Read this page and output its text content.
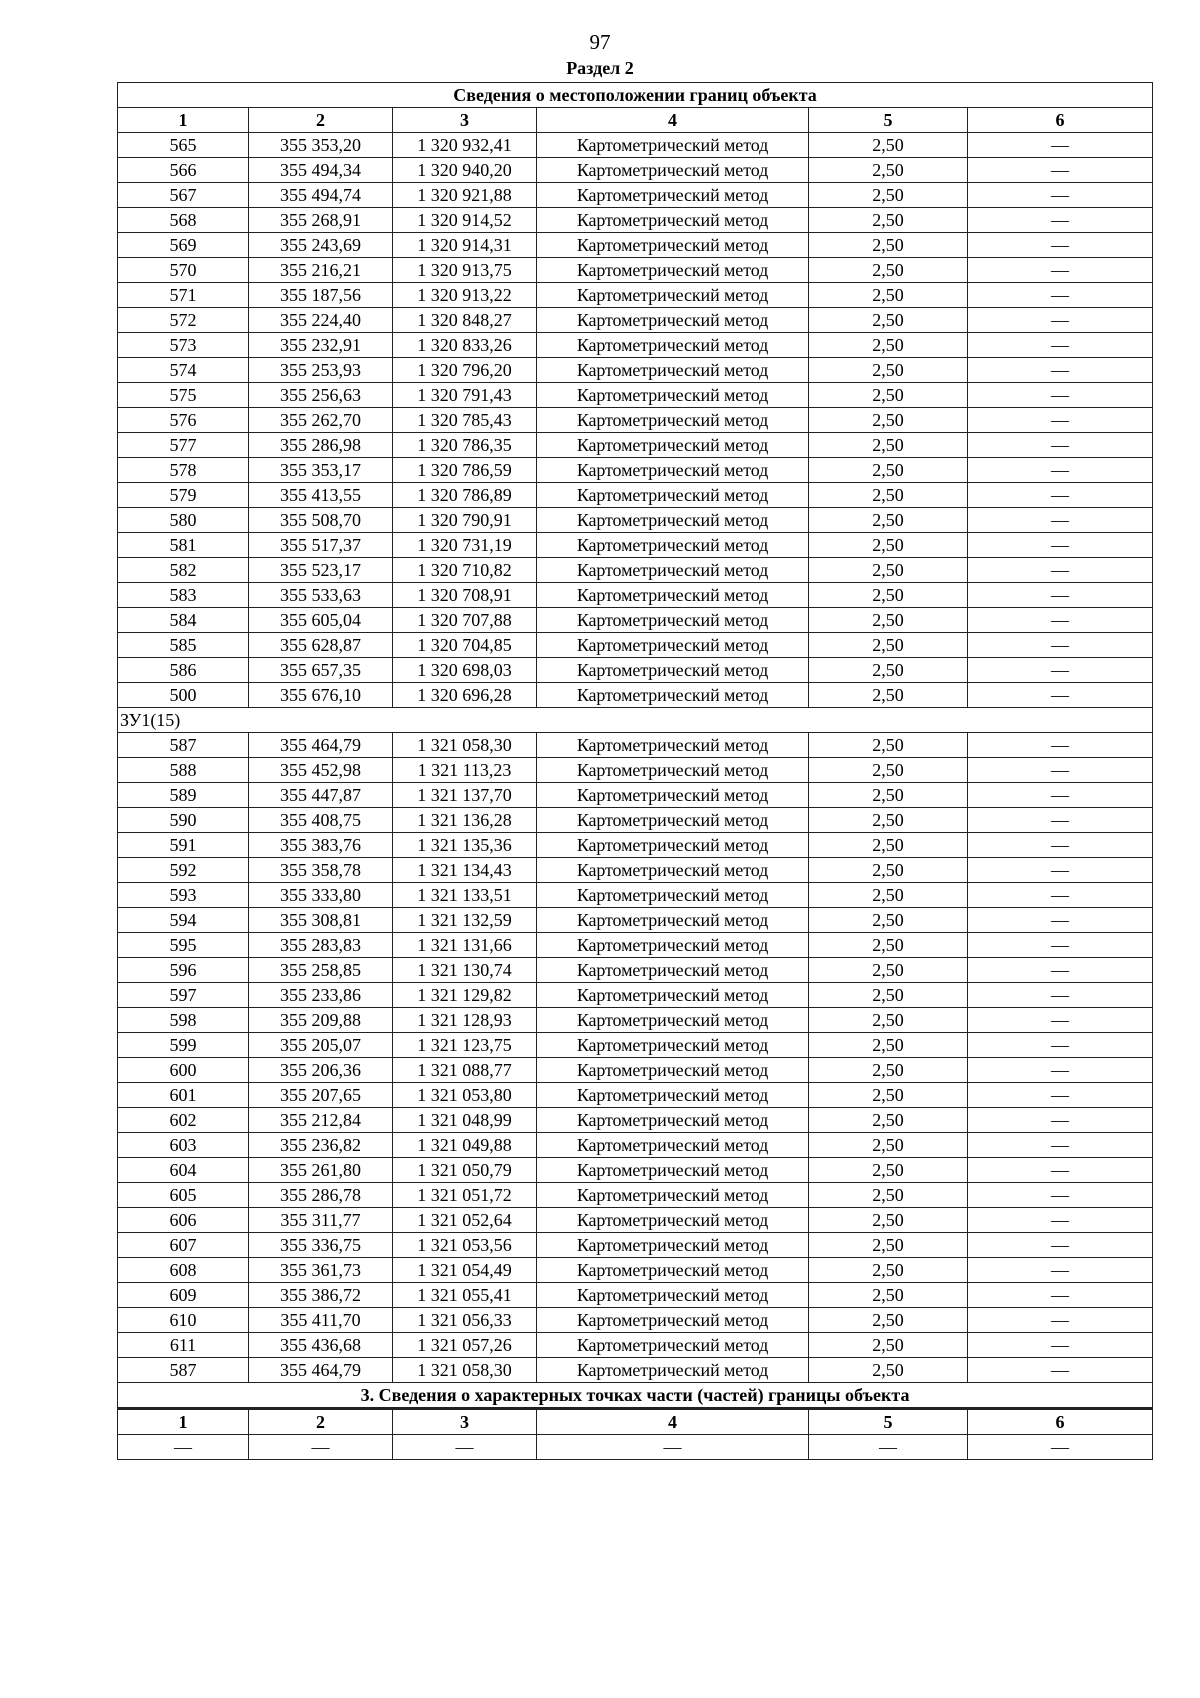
97
Раздел 2
Сведения о местоположении границ объекта					
1	2	3	4	5	6
565	355 353,20	1 320 932,41	Картометрический метод	2,50	—
566	355 494,34	1 320 940,20	Картометрический метод	2,50	—
567	355 494,74	1 320 921,88	Картометрический метод	2,50	—
568	355 268,91	1 320 914,52	Картометрический метод	2,50	—
569	355 243,69	1 320 914,31	Картометрический метод	2,50	—
570	355 216,21	1 320 913,75	Картометрический метод	2,50	—
571	355 187,56	1 320 913,22	Картометрический метод	2,50	—
572	355 224,40	1 320 848,27	Картометрический метод	2,50	—
573	355 232,91	1 320 833,26	Картометрический метод	2,50	—
574	355 253,93	1 320 796,20	Картометрический метод	2,50	—
575	355 256,63	1 320 791,43	Картометрический метод	2,50	—
576	355 262,70	1 320 785,43	Картометрический метод	2,50	—
577	355 286,98	1 320 786,35	Картометрический метод	2,50	—
578	355 353,17	1 320 786,59	Картометрический метод	2,50	—
579	355 413,55	1 320 786,89	Картометрический метод	2,50	—
580	355 508,70	1 320 790,91	Картометрический метод	2,50	—
581	355 517,37	1 320 731,19	Картометрический метод	2,50	—
582	355 523,17	1 320 710,82	Картометрический метод	2,50	—
583	355 533,63	1 320 708,91	Картометрический метод	2,50	—
584	355 605,04	1 320 707,88	Картометрический метод	2,50	—
585	355 628,87	1 320 704,85	Картометрический метод	2,50	—
586	355 657,35	1 320 698,03	Картометрический метод	2,50	—
500	355 676,10	1 320 696,28	Картометрический метод	2,50	—
ЗУ1(15)					
587	355 464,79	1 321 058,30	Картометрический метод	2,50	—
588	355 452,98	1 321 113,23	Картометрический метод	2,50	—
589	355 447,87	1 321 137,70	Картометрический метод	2,50	—
590	355 408,75	1 321 136,28	Картометрический метод	2,50	—
591	355 383,76	1 321 135,36	Картометрический метод	2,50	—
592	355 358,78	1 321 134,43	Картометрический метод	2,50	—
593	355 333,80	1 321 133,51	Картометрический метод	2,50	—
594	355 308,81	1 321 132,59	Картометрический метод	2,50	—
595	355 283,83	1 321 131,66	Картометрический метод	2,50	—
596	355 258,85	1 321 130,74	Картометрический метод	2,50	—
597	355 233,86	1 321 129,82	Картометрический метод	2,50	—
598	355 209,88	1 321 128,93	Картометрический метод	2,50	—
599	355 205,07	1 321 123,75	Картометрический метод	2,50	—
600	355 206,36	1 321 088,77	Картометрический метод	2,50	—
601	355 207,65	1 321 053,80	Картометрический метод	2,50	—
602	355 212,84	1 321 048,99	Картометрический метод	2,50	—
603	355 236,82	1 321 049,88	Картометрический метод	2,50	—
604	355 261,80	1 321 050,79	Картометрический метод	2,50	—
605	355 286,78	1 321 051,72	Картометрический метод	2,50	—
606	355 311,77	1 321 052,64	Картометрический метод	2,50	—
607	355 336,75	1 321 053,56	Картометрический метод	2,50	—
608	355 361,73	1 321 054,49	Картометрический метод	2,50	—
609	355 386,72	1 321 055,41	Картометрический метод	2,50	—
610	355 411,70	1 321 056,33	Картометрический метод	2,50	—
611	355 436,68	1 321 057,26	Картометрический метод	2,50	—
587	355 464,79	1 321 058,30	Картометрический метод	2,50	—
3. Сведения о характерных точках части (частей) границы объекта					
1	2	3	4	5	6
—	—	—	—	—	—
